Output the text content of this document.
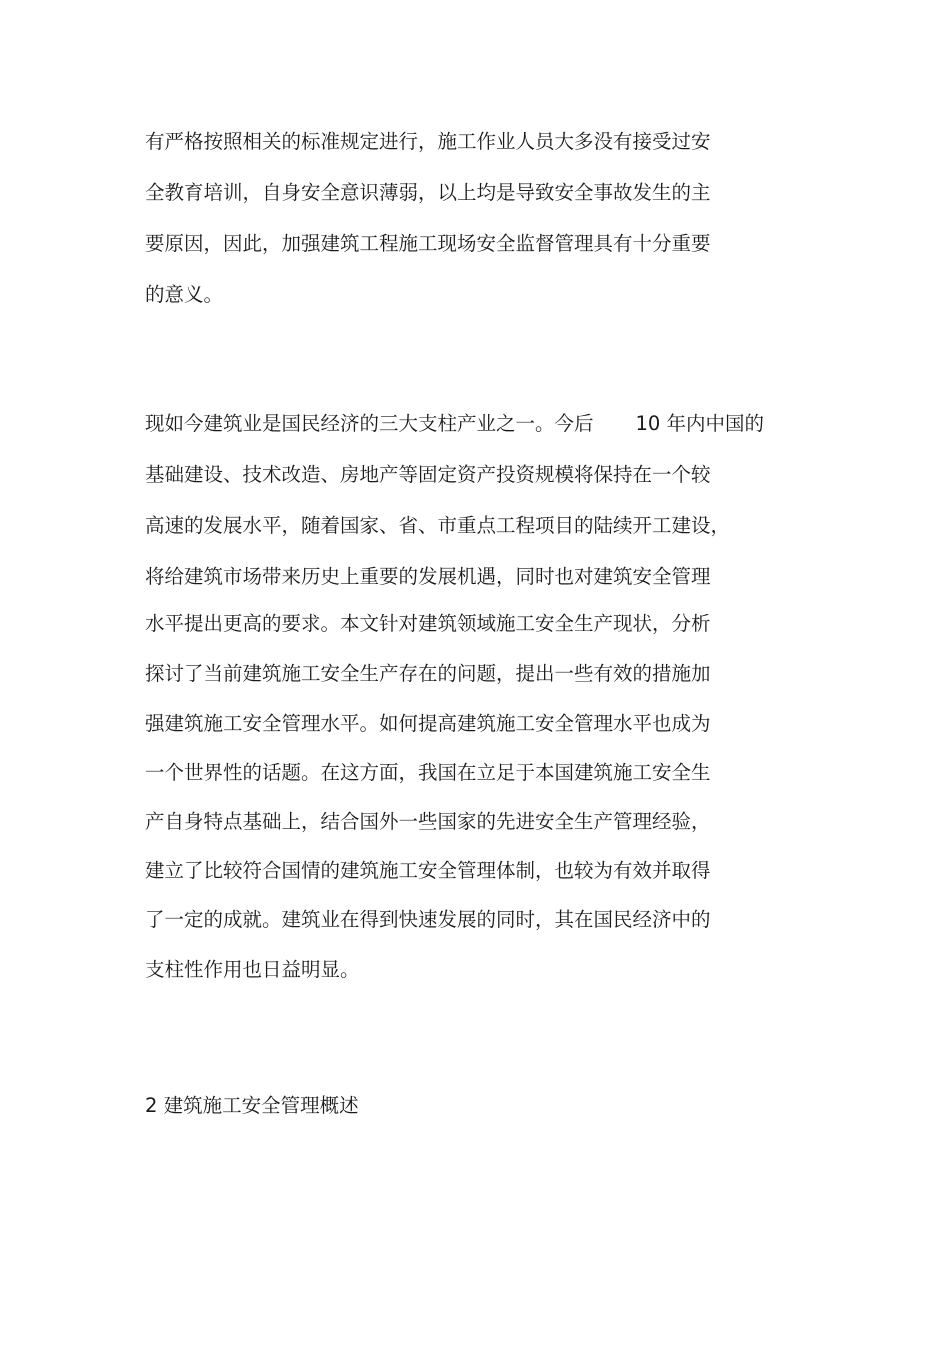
有严格按照相关的标准规定进行，施工作业人员大多没有接受过安
全教育培训，自身安全意识薄弱，以上均是导致安全事故发生的主
要原因，因此，加强建筑工程施工现场安全监督管理具有十分重要
的意义。
现如今建筑业是国民经济的三大支柱产业之一。今后 10 年内中国的
基础建设、技术改造、房地产等固定资产投资规模将保持在一个较
高速的发展水平，随着国家、省、市重点工程项目的陆续开工建设，
将给建筑市场带来历史上重要的发展机遇，同时也对建筑安全管理
水平提出更高的要求。本文针对建筑领域施工安全生产现状，分析
探讨了当前建筑施工安全生产存在的问题，提出一些有效的措施加
强建筑施工安全管理水平。如何提高建筑施工安全管理水平也成为
一个世界性的话题。在这方面，我国在立足于本国建筑施工安全生
产自身特点基础上，结合国外一些国家的先进安全生产管理经验，
建立了比较符合国情的建筑施工安全管理体制，也较为有效并取得
了一定的成就。建筑业在得到快速发展的同时，其在国民经济中的
支柱性作用也日益明显。
2 建筑施工安全管理概述
